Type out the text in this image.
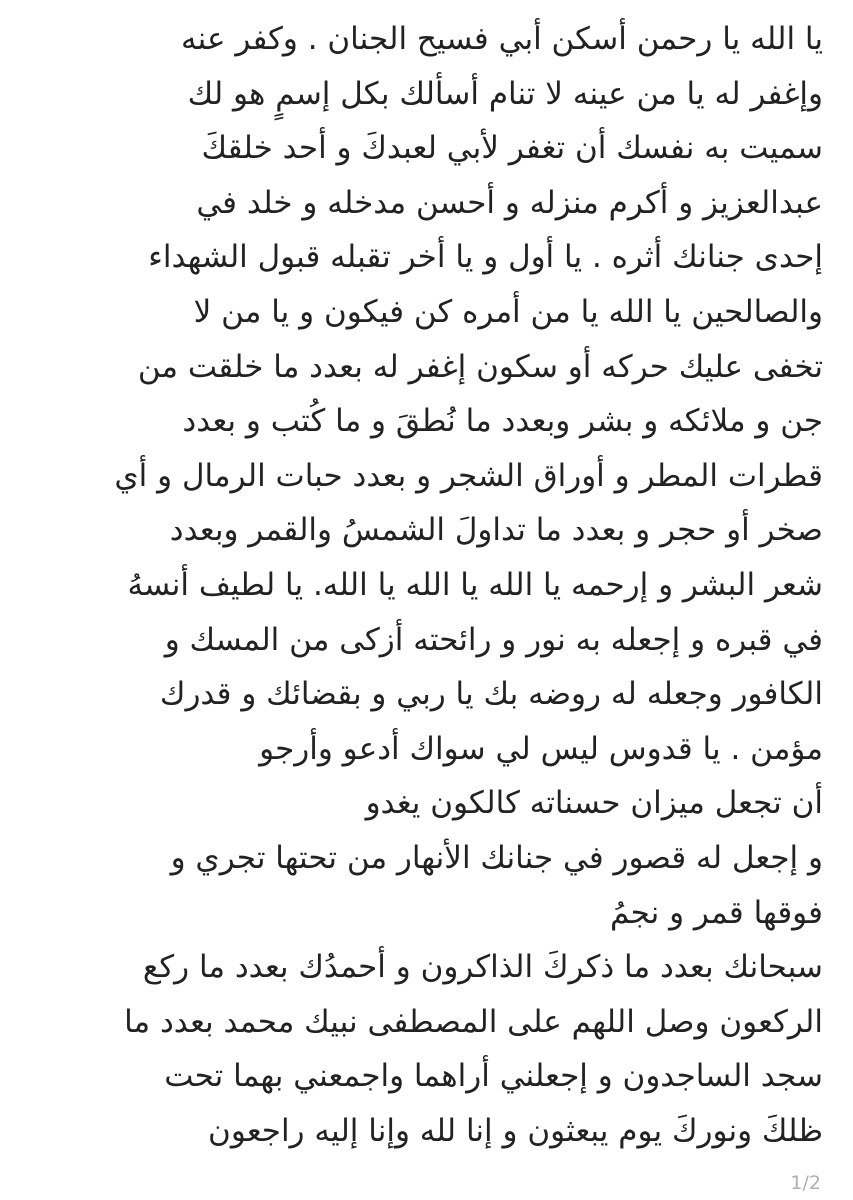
يا الله يا رحمن أسكن أبي فسيح الجنان . وكفر عنه
وإغفر له يا من عينه لا تنام أسألك بكل إسمٍ هو لك
سميت به نفسك أن تغفر لأبي لعبدكَ و أحد خلقكَ
عبدالعزيز و أكرم منزله و أحسن مدخله و خلد في
إحدى جنانك أثره . يا أول و يا أخر تقبله قبول الشهداء
والصالحين يا الله يا من أمره كن فيكون و يا من لا
تخفى عليك حركه أو سكون إغفر له بعدد ما خلقت من
جن و ملائكه و بشر وبعدد ما نُطقَ و ما كُتب و بعدد
قطرات المطر و أوراق الشجر و بعدد حبات الرمال و أي
صخر أو حجر و بعدد ما تداولَ الشمسُ والقمر وبعدد
شعر البشر و إرحمه يا الله يا الله يا الله. يا لطيف أنسهُ
في قبره و إجعله به نور و رائحته أزكى من المسك و
الكافور وجعله له روضه بك يا ربي و بقضائك و قدرك
مؤمن . يا قدوس ليس لي سواك أدعو وأرجو
أن تجعل ميزان حسناته كالكون يغدو
و إجعل له قصور في جنانك الأنهار من تحتها تجري و
فوقها قمر و نجمُ
سبحانك بعدد ما ذكركَ الذاكرون و أحمدُك بعدد ما ركع
الركعون وصل اللهم على المصطفى نبيك محمد بعدد ما
سجد الساجدون و إجعلني أراهما واجمعني بهما تحت
ظلكَ ونوركَ يوم يبعثون و إنا لله وإنا إليه راجعون
1/2
